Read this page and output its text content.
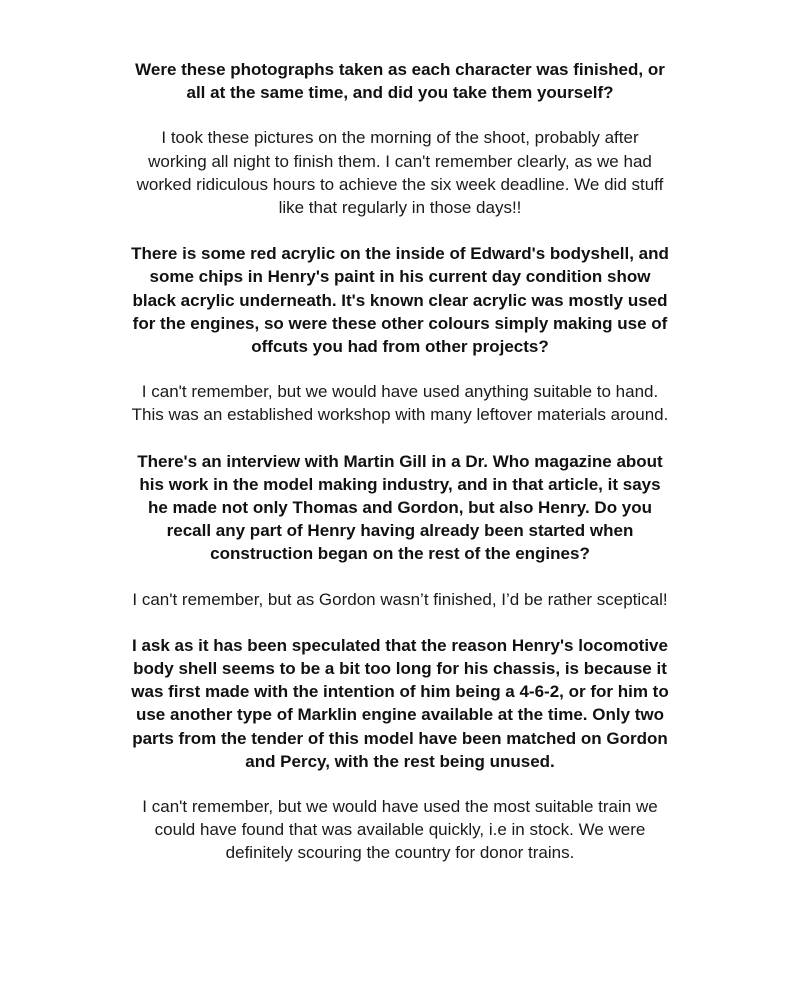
Were these photographs taken as each character was finished, or all at the same time, and did you take them yourself?

I took these pictures on the morning of the shoot, probably after working all night to finish them. I can't remember clearly, as we had worked ridiculous hours to achieve the six week deadline. We did stuff like that regularly in those days!!

There is some red acrylic on the inside of Edward's bodyshell, and some chips in Henry's paint in his current day condition show black acrylic underneath. It's known clear acrylic was mostly used for the engines, so were these other colours simply making use of offcuts you had from other projects?

I can't remember, but we would have used anything suitable to hand. This was an established workshop with many leftover materials around.

There's an interview with Martin Gill in a Dr. Who magazine about his work in the model making industry, and in that article, it says he made not only Thomas and Gordon, but also Henry. Do you recall any part of Henry having already been started when construction began on the rest of the engines?

I can't remember, but as Gordon wasn’t finished, I’d be rather sceptical!

I ask as it has been speculated that the reason Henry's locomotive body shell seems to be a bit too long for his chassis, is because it was first made with the intention of him being a 4-6-2, or for him to use another type of Marklin engine available at the time. Only two parts from the tender of this model have been matched on Gordon and Percy, with the rest being unused.

I can't remember, but we would have used the most suitable train we could have found that was available quickly, i.e in stock. We were definitely scouring the country for donor trains.
